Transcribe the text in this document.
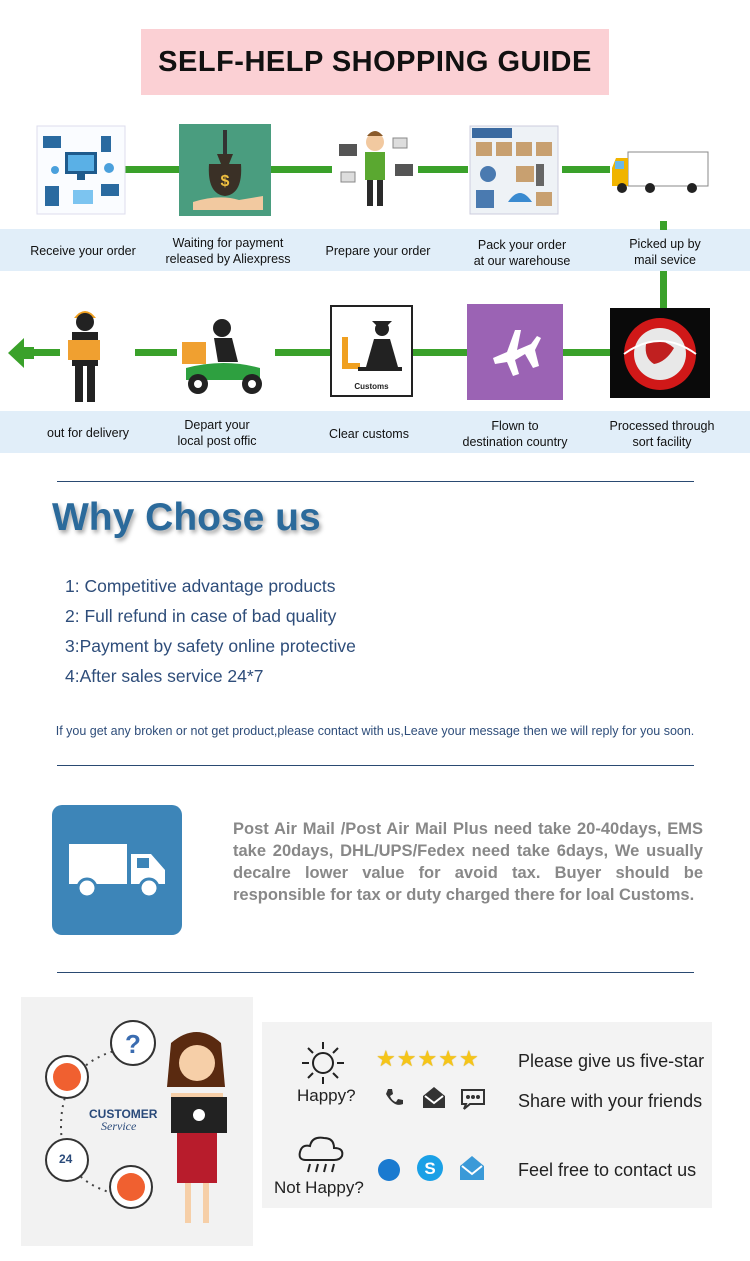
SELF-HELP SHOPPING GUIDE
$
Receive your order
Waiting for payment
released by Aliexpress
Prepare your order	Pack your order
at our warehouse
Picked up by
mail sevice
Customs
out for delivery
Depart your
local post offic	Clear customs
Flown to
destination country
Processed through
sort facility
Why Chose us
1: Competitive advantage products
2: Full refund in case of bad quality
3:Payment by safety online protective
4:After sales service 24*7
If you get any broken or not get product,please contact with us,Leave your message then we will reply for you soon.
Post Air Mail /Post Air Mail Plus need take 20-40days, EMS take 20days, DHL/UPS/Fedex need take 6days, We usually decalre lower value for avoid tax. Buyer should be responsible for tax or duty charged there for loal Customs.
?
CUSTOMER
Service
24
Happy?
★★★★★ Please give us five-star
Share with your friends
Not Happy?
S	Feel free to contact us
